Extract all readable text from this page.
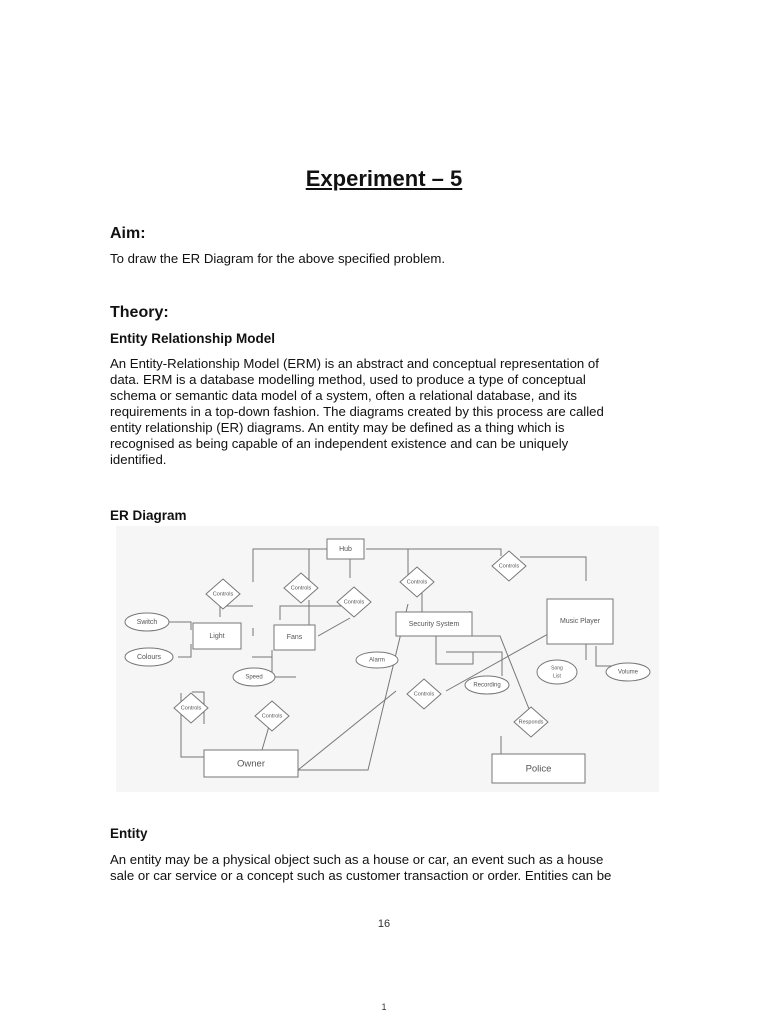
Experiment – 5
Aim:

To draw the ER Diagram for the above specified problem.

Theory:
Entity Relationship Model
An Entity-Relationship Model (ERM) is an abstract and conceptual representation of
data. ERM is a database modelling method, used to produce a type of conceptual
schema or semantic data model of a system, often a relational database, and its
requirements in a top-down fashion. The diagrams created by this process are called
entity relationship (ER) diagrams. An entity may be defined as a thing which is
recognised as being capable of an independent existence and can be uniquely
identified.
ER Diagram
Hub
Light	Fans
Security System	Music Player
Owner	Police
Switch
Colours
Speed
Alarm
Recording
Song
List
Volume
Controls
Controls
Controls
Controls
Controls
Controls
Controls
Controls
Responds
Entity
An entity may be a physical object such as a house or car, an event such as a house
sale or car service or a concept such as customer transaction or order. Entities can be
16
1
